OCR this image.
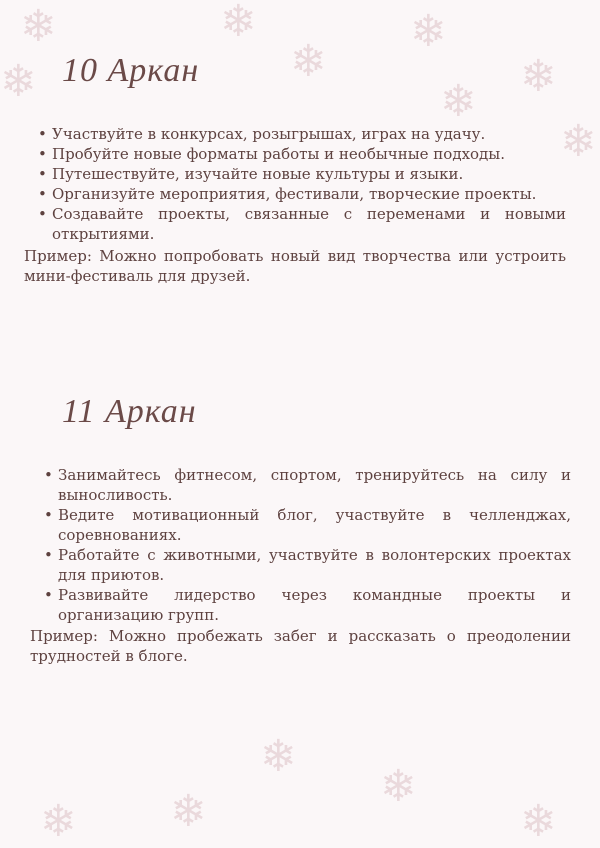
❄	❄
❄
❄
❄
❄
❄	❄
❄
❄	❄
❄
❄
10 Аркан
• Участвуйте в конкурсах, розыгрышах, играх на удачу.
• Пробуйте новые форматы работы и необычные подходы.
• Путешествуйте, изучайте новые культуры и языки.
• Организуйте мероприятия, фестивали, творческие проекты.
• Создавайте проекты, связанные с переменами и новыми открытиями.
Пример: Можно попробовать новый вид творчества или устроить мини-фестиваль для друзей.
11 Аркан
• Занимайтесь фитнесом, спортом, тренируйтесь на силу и выносливость.
• Ведите мотивационный блог, участвуйте в челленджах, соревнованиях.
• Работайте с животными, участвуйте в волонтерских проектах для приютов.
• Развивайте лидерство через командные проекты и организацию групп.
Пример: Можно пробежать забег и рассказать о преодолении трудностей в блоге.
